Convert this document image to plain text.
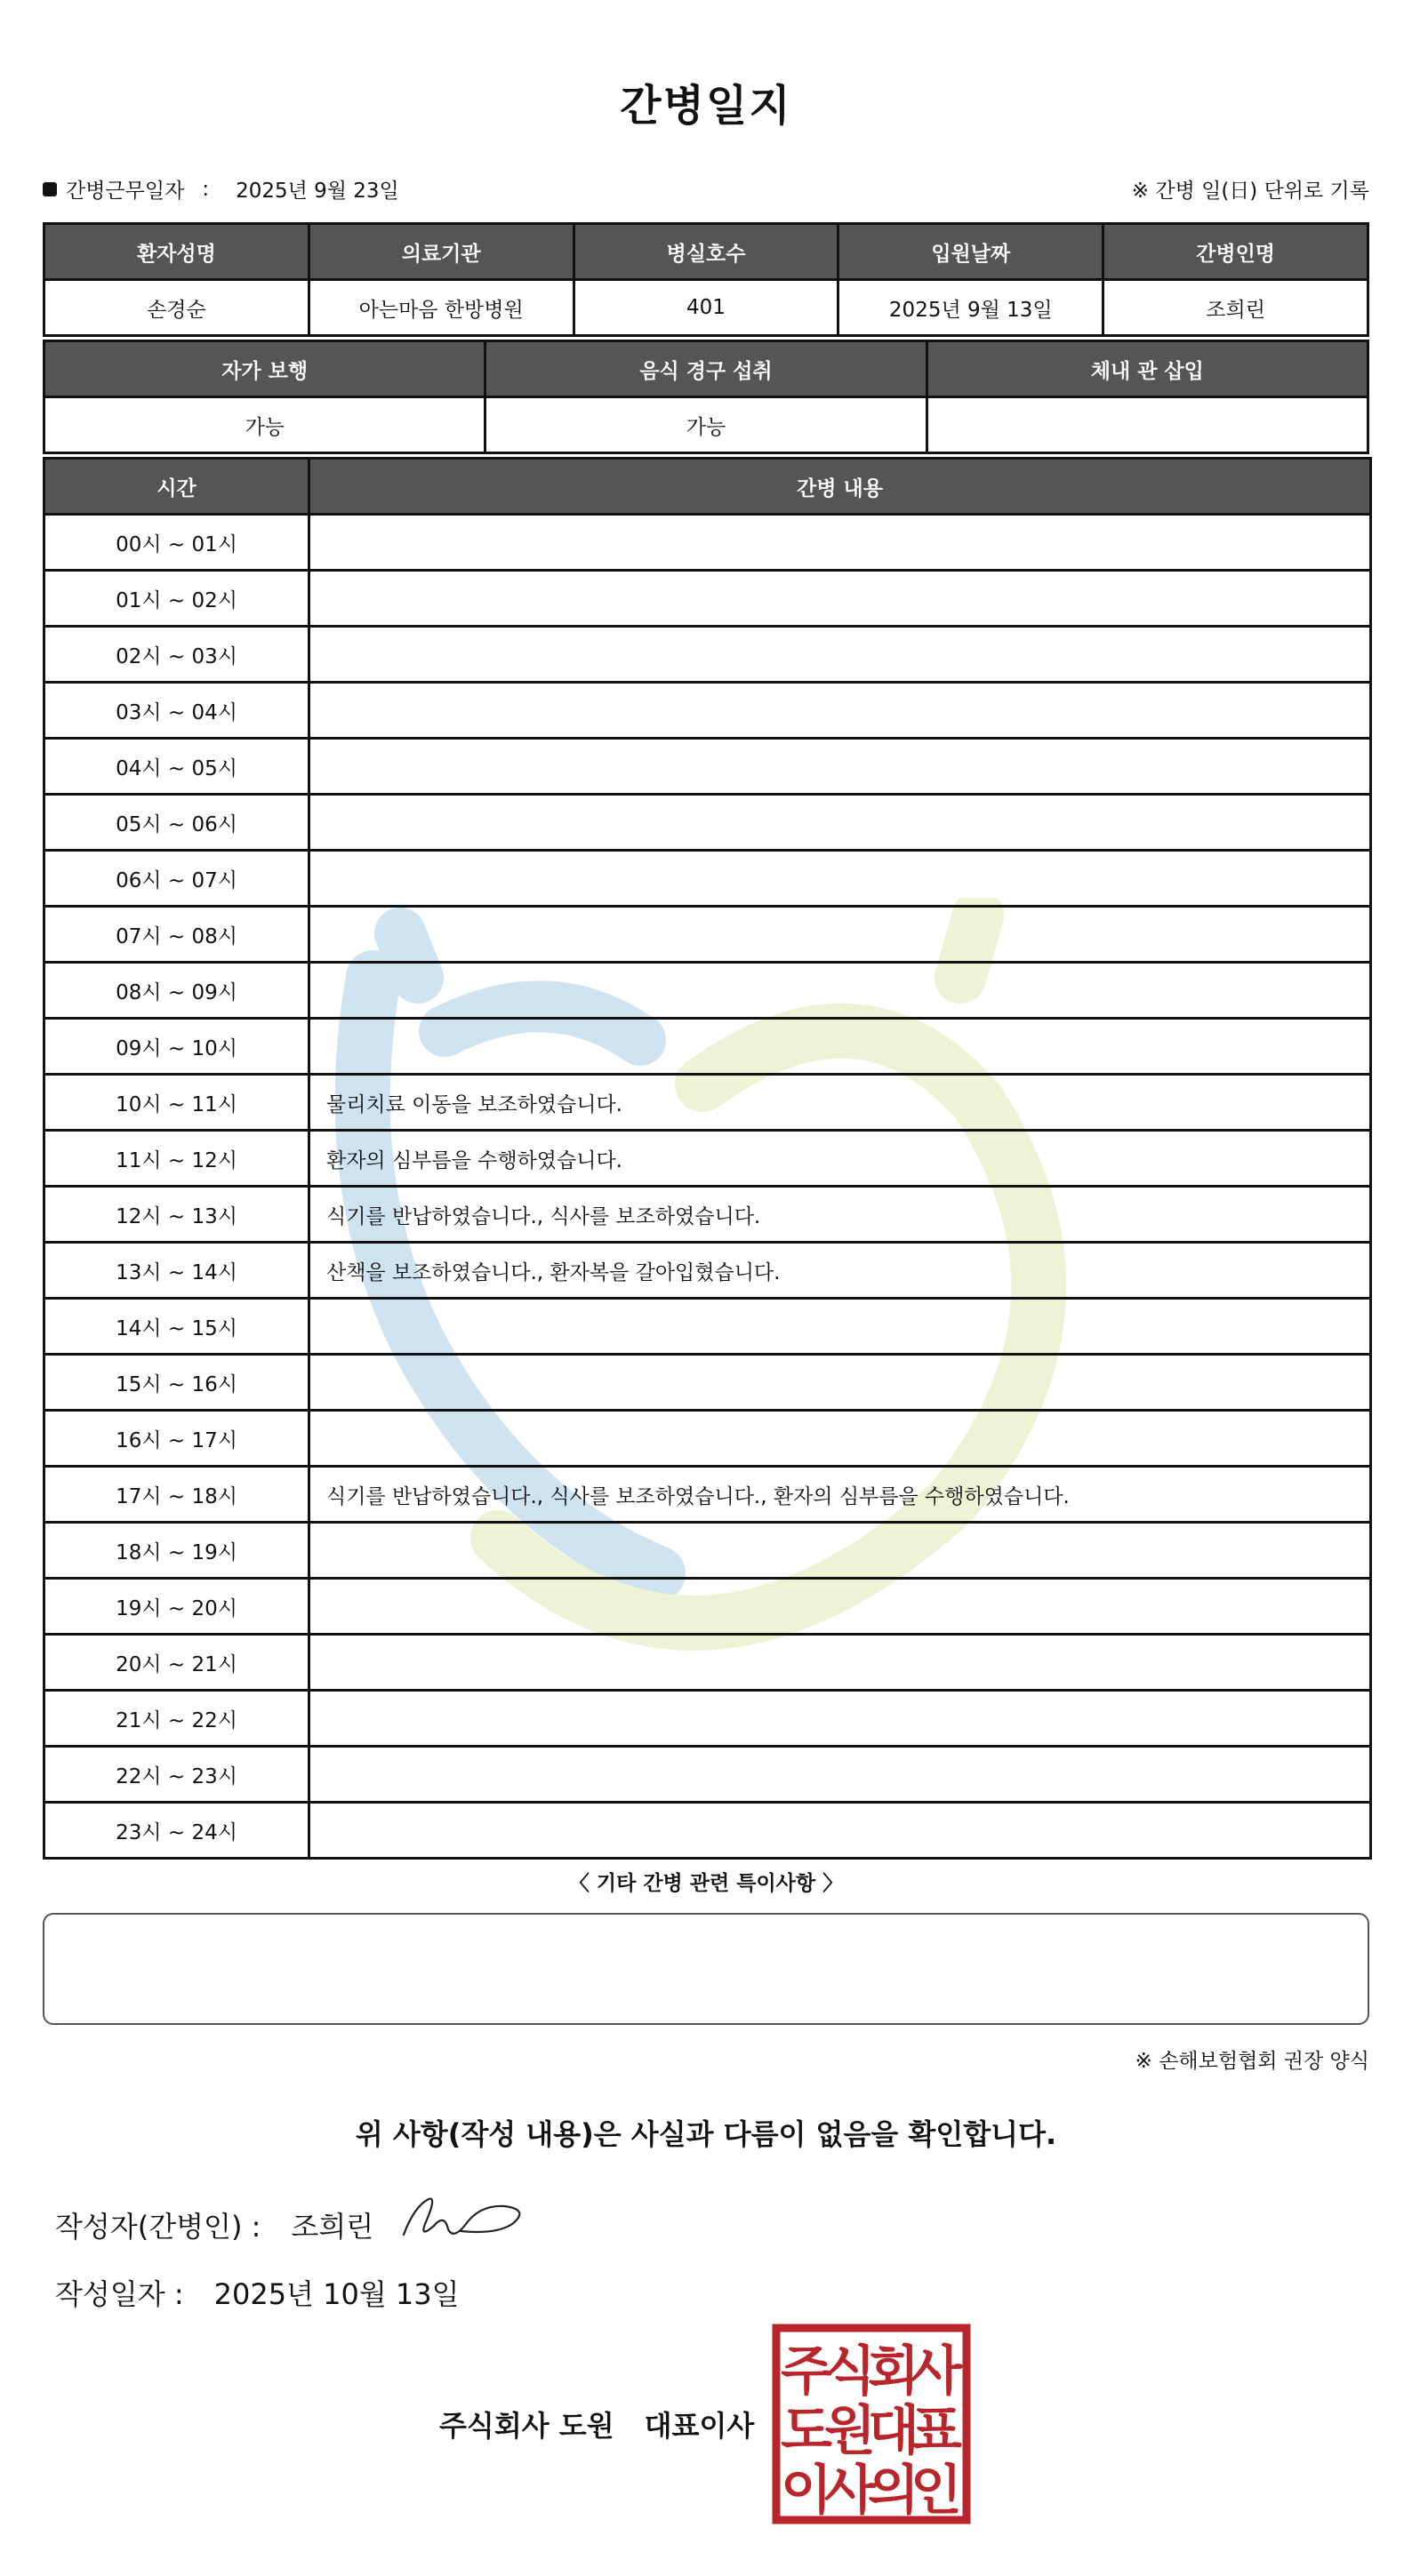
간병일지
간병근무일자 : 2025년 9월 23일	※ 간병 일(日) 단위로 기록
환자성명	의료기관	병실호수	입원날짜	간병인명
손경순	아는마음 한방병원	401	2025년 9월 13일	조희린
자가 보행	음식 경구 섭취	체내 관 삽입
가능	가능	
시간	간병 내용
00시 ~ 01시	
01시 ~ 02시	
02시 ~ 03시	
03시 ~ 04시	
04시 ~ 05시	
05시 ~ 06시	
06시 ~ 07시	
07시 ~ 08시	
08시 ~ 09시	
09시 ~ 10시	
10시 ~ 11시	물리치료 이동을 보조하였습니다.
11시 ~ 12시	환자의 심부름을 수행하였습니다.
12시 ~ 13시	식기를 반납하였습니다., 식사를 보조하였습니다.
13시 ~ 14시	산책을 보조하였습니다., 환자복을 갈아입혔습니다.
14시 ~ 15시	
15시 ~ 16시	
16시 ~ 17시	
17시 ~ 18시	식기를 반납하였습니다., 식사를 보조하였습니다., 환자의 심부름을 수행하였습니다.
18시 ~ 19시	
19시 ~ 20시	
20시 ~ 21시	
21시 ~ 22시	
22시 ~ 23시	
23시 ~ 24시	
〈 기타 간병 관련 특이사항 〉
※ 손해보험협회 권장 양식
위 사항(작성 내용)은 사실과 다름이 없음을 확인합니다.
작성자(간병인) : 조희린
작성일자 : 2025년 10월 13일
주식회사 도원 대표이사
주
식
회
사
도
원
대
표
이
사
의
인
